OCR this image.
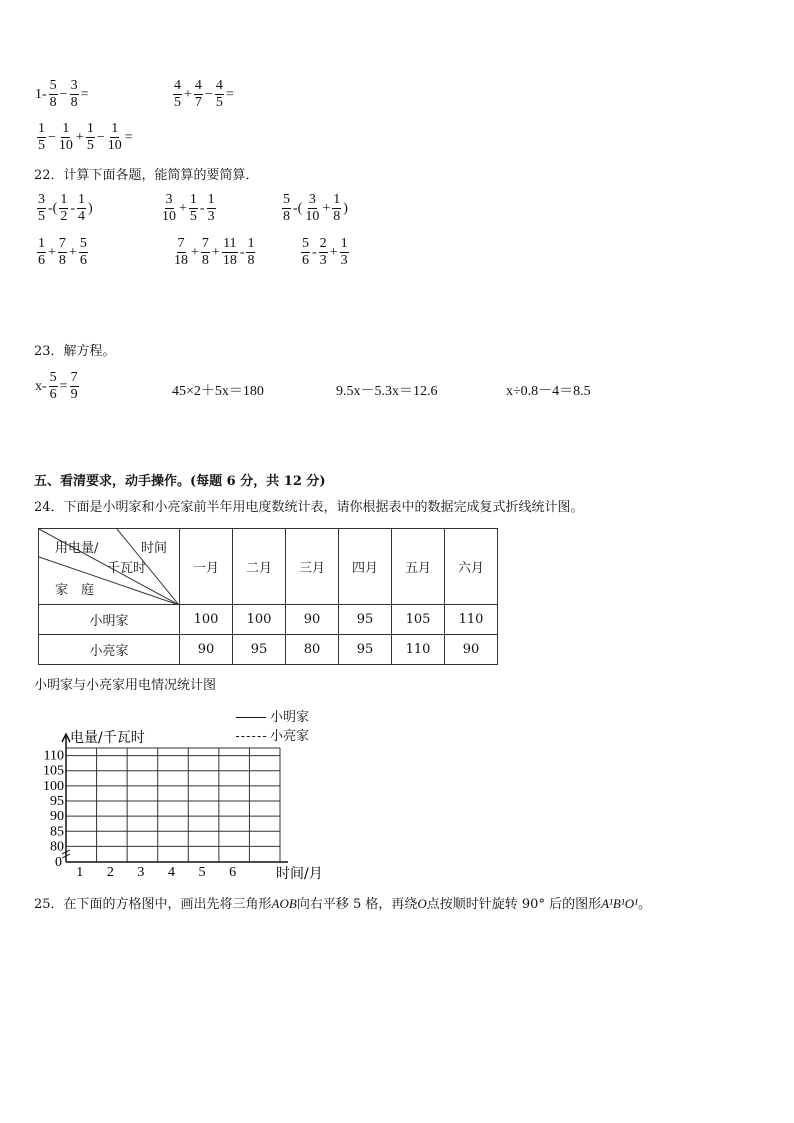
$1- \frac{5}{8} - \frac{3}{8}$ =	$\frac{4}{5} + \frac{4}{7} - \frac{4}{5}$ =
$\frac{1}{5} - \frac{1}{10} + \frac{1}{5} - \frac{1}{10}$ =
22．计算下面各题，能简算的要简算．
$\frac{3}{5}$ -( $\frac{1}{2} - \frac{1}{4}$ )	$\frac{3}{10} + \frac{1}{5} - \frac{1}{3}$	$\frac{5}{8}$ -( $\frac{3}{10} + \frac{1}{8}$ )
$\frac{1}{6} + \frac{7}{8} + \frac{5}{6}$	$\frac{7}{18} + \frac{7}{8} + \frac{11}{18} - \frac{1}{8}$	$\frac{5}{6} - \frac{2}{3} + \frac{1}{3}$
23．解方程。
$x- \frac{5}{6} = \frac{7}{9}$	45×2＋5x＝180	9.5x－5.3x＝12.6	x÷0.8－4＝8.5
五、看清要求，动手操作。(每题 6 分，共 12 分)
24．下面是小明家和小亮家前半年用电度数统计表，请你根据表中的数据完成复式折线统计图。
用电量/ 时间
千瓦时
家　庭	一月	二月	三月	四月	五月	六月
小明家	100	100	90	95	105	110
小亮家	90	95	80	95	110	90
小明家与小亮家用电情况统计图
小明家
小亮家
80
85
90
95
100
105
110
1 2 3 4 5 6
0
电量/千瓦时
时间/月
25．在下面的方格图中，画出先将三角形AOB向右平移 5 格，再绕O点按顺时针旋转 90° 后的图形A¹B¹O¹。
